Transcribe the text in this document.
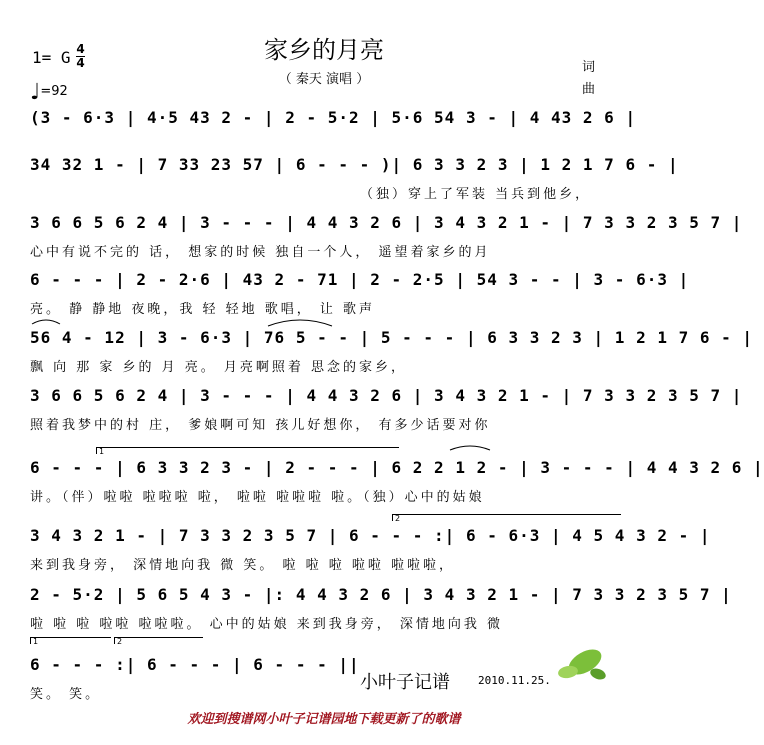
家乡的月亮
（ 秦天 演唱 ）
1= G 4
4
♩=92
词
曲
(3 - 6·3 | 4·5 43 2 - | 2 - 5·2 | 5·6 54 3 - | 4 43 2 6 |
34 32 1 - | 7 33 23 57 | 6 - - - )| 6 3 3 2 3 | 1 2 1 7 6 - |
（独）穿上了军装 当兵到他乡，
3 6 6 5 6 2 4 | 3 - - - | 4 4 3 2 6 | 3 4 3 2 1 - | 7 3 3 2 3 5 7 |
心中有说不完的 话， 想家的时候 独自一个人， 遥望着家乡的月
6 - - - | 2 - 2·6 | 43 2 - 71 | 2 - 2·5 | 54 3 - - | 3 - 6·3 |
亮。 静 静地 夜晚，我 轻 轻地 歌唱， 让 歌声
56 4 - 12 | 3 - 6·3 | 76 5 - - | 5 - - - | 6 3 3 2 3 | 1 2 1 7 6 - |
飘 向 那 家 乡的 月 亮。 月亮啊照着 思念的家乡，
3 6 6 5 6 2 4 | 3 - - - | 4 4 3 2 6 | 3 4 3 2 1 - | 7 3 3 2 3 5 7 |
照着我梦中的村 庄， 爹娘啊可知 孩儿好想你， 有多少话要对你
6 - - - | 6 3 3 2 3 - | 2 - - - | 6 2 2 1 2 - | 3 - - - | 4 4 3 2 6 |
讲。（伴）啦啦 啦啦啦 啦， 啦啦 啦啦啦 啦。（独）心中的姑娘
3 4 3 2 1 - | 7 3 3 2 3 5 7 | 6 - - - :| 6 - 6·3 | 4 5 4 3 2 - |
来到我身旁， 深情地向我 微 笑。 啦 啦 啦 啦啦 啦啦啦，
2 - 5·2 | 5 6 5 4 3 - |: 4 4 3 2 6 | 3 4 3 2 1 - | 7 3 3 2 3 5 7 |
啦 啦 啦 啦啦 啦啦啦。 心中的姑娘 来到我身旁， 深情地向我 微
6 - - - :| 6 - - - | 6 - - - ||
笑。 笑。
1
2
1	2
小叶子记谱	2010.11.25.
欢迎到搜谱网小叶子记谱园地下载更新了的歌谱
